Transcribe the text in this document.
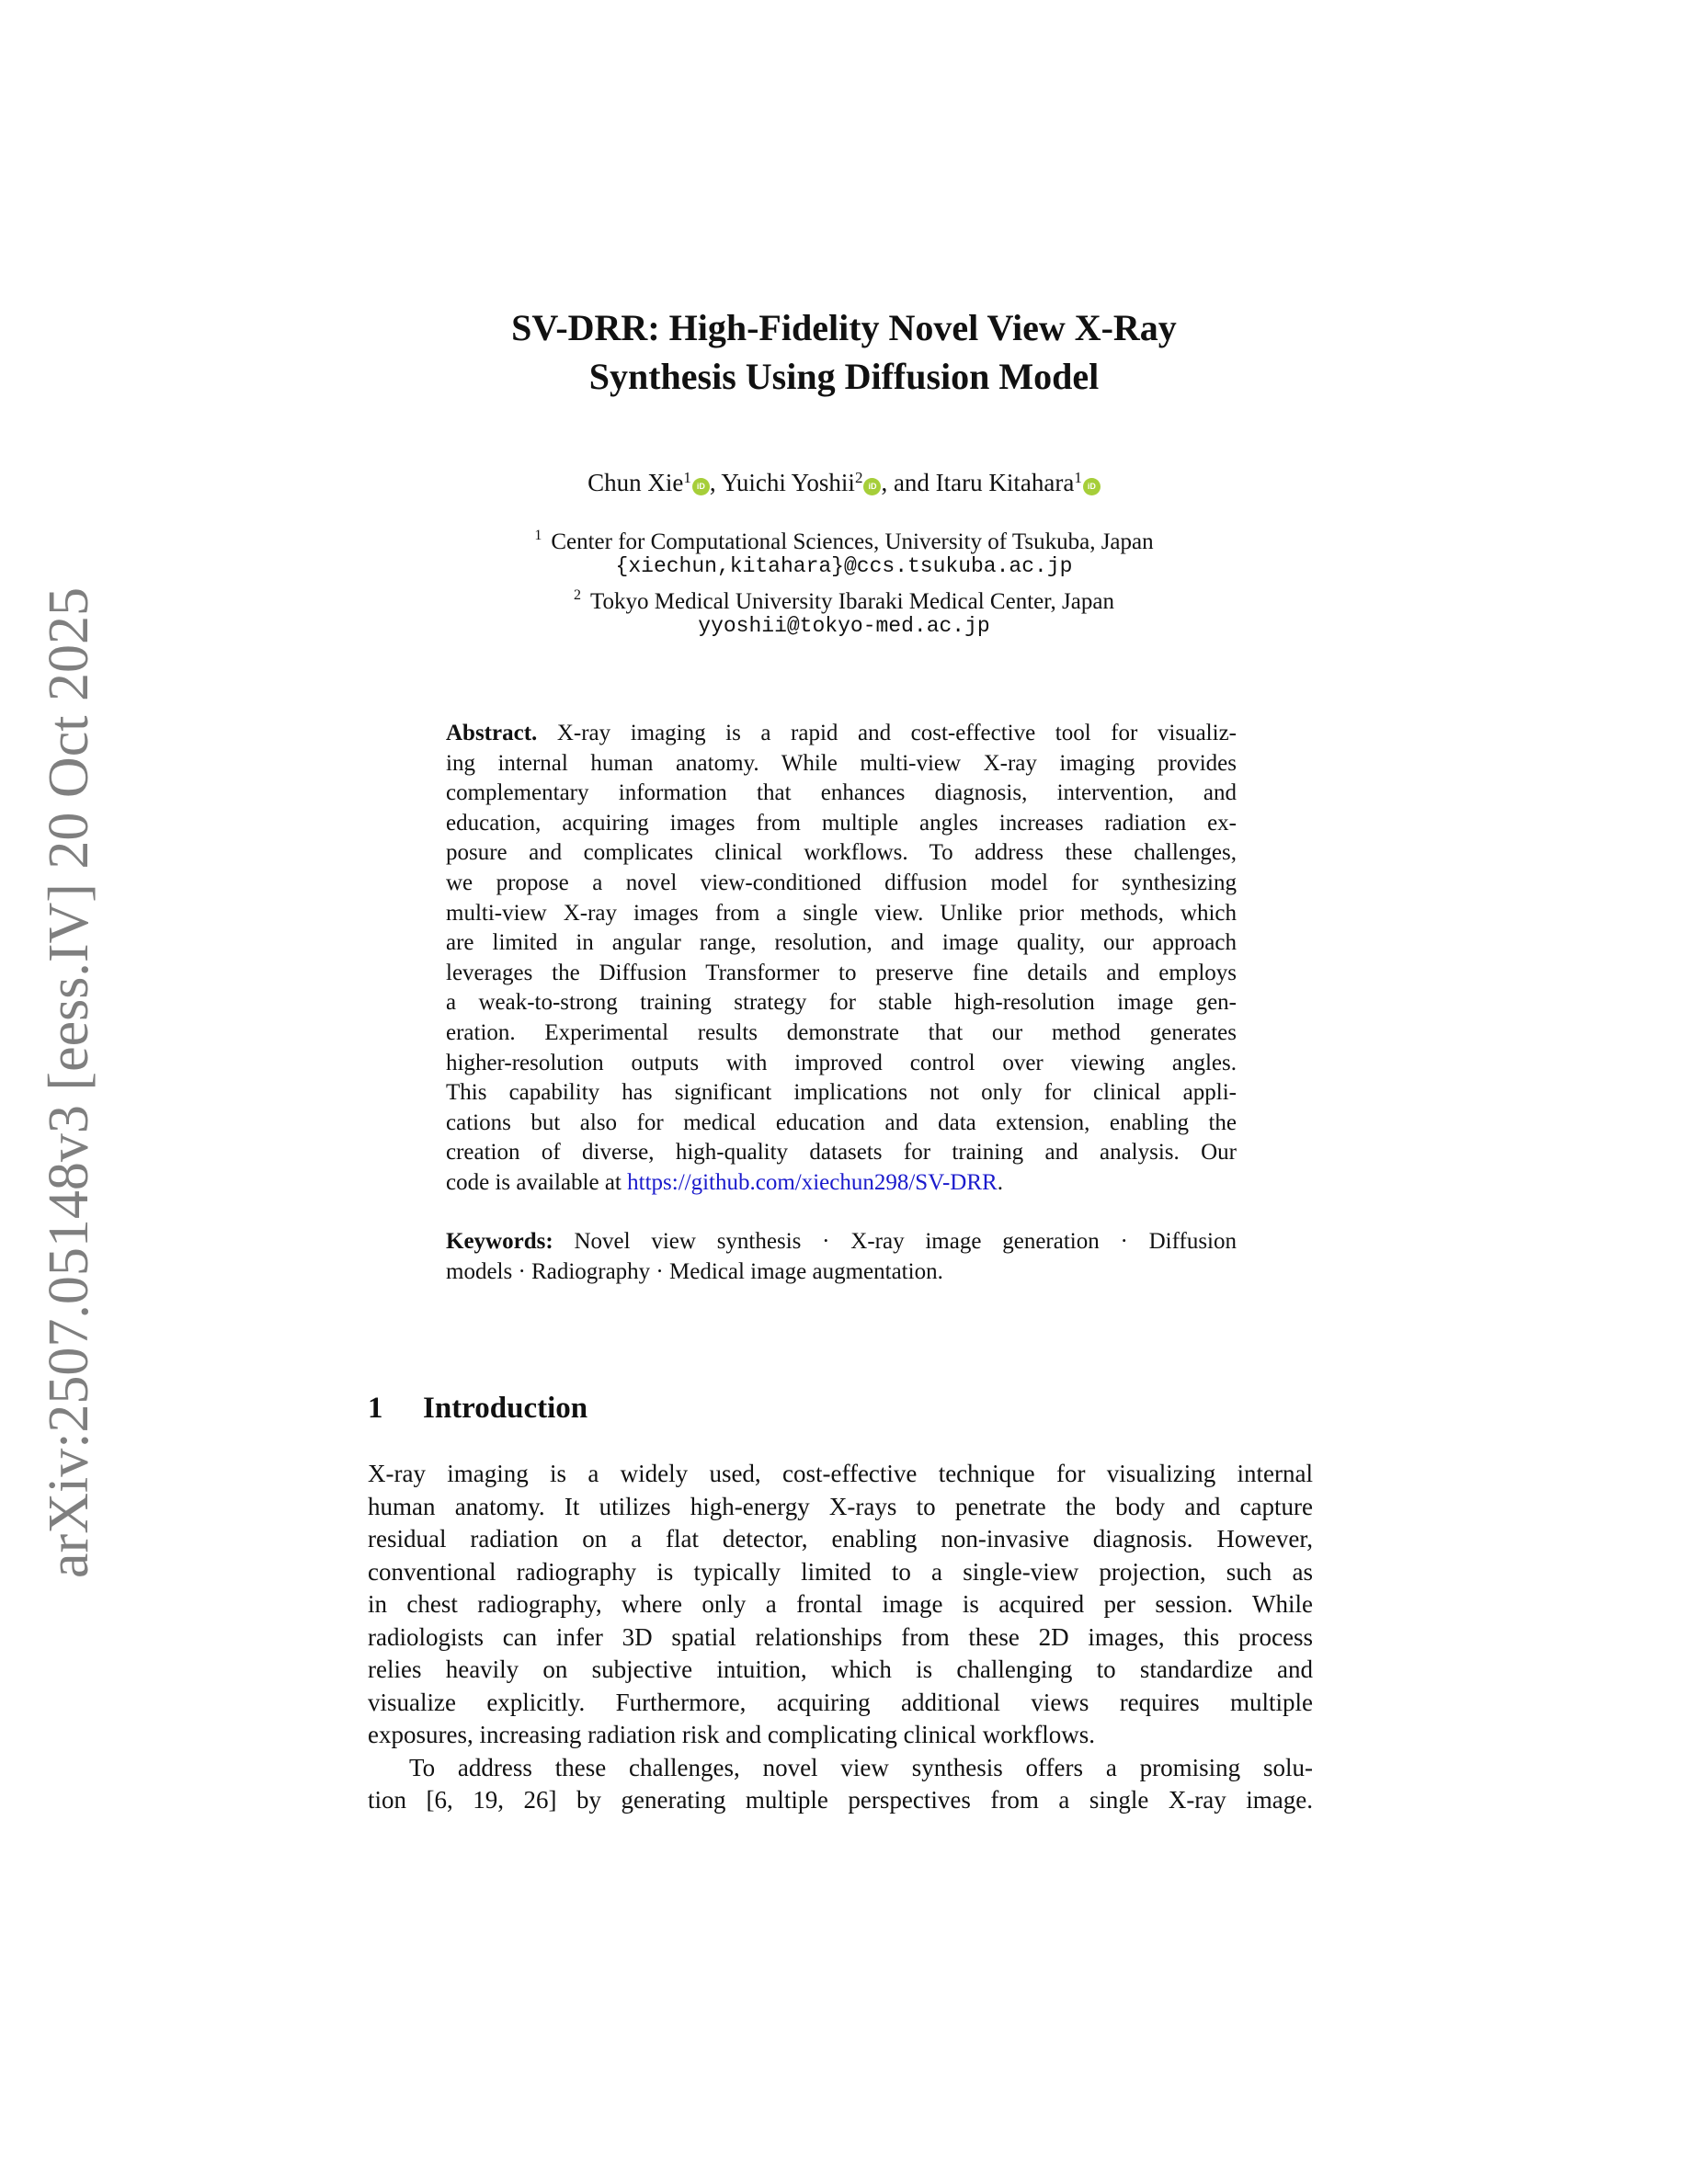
arXiv:2507.05148v3 [eess.IV] 20 Oct 2025
SV-DRR: High-Fidelity Novel View X-Ray
Synthesis Using Diffusion Model
Chun Xie$^1$ iD , Yuichi Yoshii$^2$ iD , and Itaru Kitahara$^1$ iD
$^1$ Center for Computational Sciences, University of Tsukuba, Japan
{xiechun,kitahara}@ccs.tsukuba.ac.jp
$^2$ Tokyo Medical University Ibaraki Medical Center, Japan
yyoshii@tokyo-med.ac.jp
Abstract. X-ray imaging is a rapid and cost-effective tool for visualiz-
ing internal human anatomy. While multi-view X-ray imaging provides
complementary information that enhances diagnosis, intervention, and
education, acquiring images from multiple angles increases radiation ex-
posure and complicates clinical workflows. To address these challenges,
we propose a novel view-conditioned diffusion model for synthesizing
multi-view X-ray images from a single view. Unlike prior methods, which
are limited in angular range, resolution, and image quality, our approach
leverages the Diffusion Transformer to preserve fine details and employs
a weak-to-strong training strategy for stable high-resolution image gen-
eration. Experimental results demonstrate that our method generates
higher-resolution outputs with improved control over viewing angles.
This capability has significant implications not only for clinical appli-
cations but also for medical education and data extension, enabling the
creation of diverse, high-quality datasets for training and analysis. Our
code is available at https://github.com/xiechun298/SV-DRR.
Keywords: Novel view synthesis · X-ray image generation · Diffusion
models · Radiography · Medical image augmentation.
1 Introduction
X-ray imaging is a widely used, cost-effective technique for visualizing internal
human anatomy. It utilizes high-energy X-rays to penetrate the body and capture
residual radiation on a flat detector, enabling non-invasive diagnosis. However,
conventional radiography is typically limited to a single-view projection, such as
in chest radiography, where only a frontal image is acquired per session. While
radiologists can infer 3D spatial relationships from these 2D images, this process
relies heavily on subjective intuition, which is challenging to standardize and
visualize explicitly. Furthermore, acquiring additional views requires multiple
exposures, increasing radiation risk and complicating clinical workflows.
To address these challenges, novel view synthesis offers a promising solu-
tion [6, 19, 26] by generating multiple perspectives from a single X-ray image.
